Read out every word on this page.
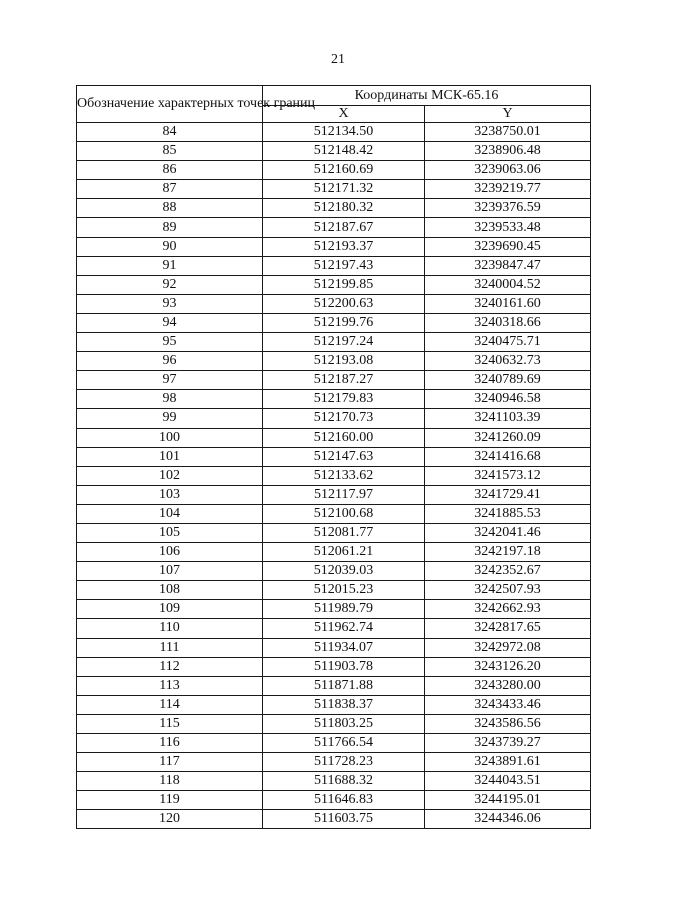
21
Обозначение характерных точек границ	Координаты МСК-65.16	
	X	Y
84	512134.50	3238750.01
85	512148.42	3238906.48
86	512160.69	3239063.06
87	512171.32	3239219.77
88	512180.32	3239376.59
89	512187.67	3239533.48
90	512193.37	3239690.45
91	512197.43	3239847.47
92	512199.85	3240004.52
93	512200.63	3240161.60
94	512199.76	3240318.66
95	512197.24	3240475.71
96	512193.08	3240632.73
97	512187.27	3240789.69
98	512179.83	3240946.58
99	512170.73	3241103.39
100	512160.00	3241260.09
101	512147.63	3241416.68
102	512133.62	3241573.12
103	512117.97	3241729.41
104	512100.68	3241885.53
105	512081.77	3242041.46
106	512061.21	3242197.18
107	512039.03	3242352.67
108	512015.23	3242507.93
109	511989.79	3242662.93
110	511962.74	3242817.65
111	511934.07	3242972.08
112	511903.78	3243126.20
113	511871.88	3243280.00
114	511838.37	3243433.46
115	511803.25	3243586.56
116	511766.54	3243739.27
117	511728.23	3243891.61
118	511688.32	3244043.51
119	511646.83	3244195.01
120	511603.75	3244346.06
